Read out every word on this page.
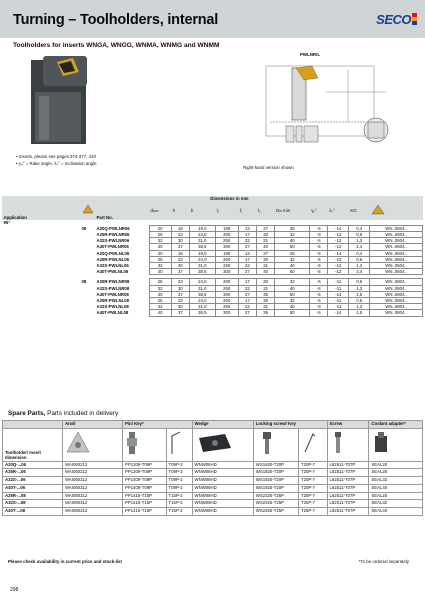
Turning – Toolholders, internal	SECO
Toolholders for inserts WNGA, WNGG, WNMA, WNMG and WNMM
PWLNR/L
• Inserts, please see pages 374-377, 410
• γ₀° = Rake angle, λₛ° = Inclination angle
Right-hand version shown
			Dimensions in mm										
Application		Part No.	dₘₘ	h	b	l₁	f₁	l₂	Dₘ min	γ₀°	λₛ°	KG	
95°													
	06	A20Q-PWLNR06	20	18	19,0	180	13	27	25	-5	-14	0,4	WN..0604..
		A25R-PWLNR06	25	23	24,0	200	17	30	32	-5	-12	0,6	WN..0604..
		A32S-PWLNR06	32	30	31,0	250	22	31	40	-5	-12	1,3	WN..0604..
		A40T-PWLNR06	40	37	38,5	300	27	40	50	-5	-12	2,4	WN..0604..
		A20Q-PWLNL06	20	18	19,0	180	13	27	25	-5	-14	0,4	WN..0604..
		A25R-PWLNL06	25	23	24,0	200	17	30	32	-5	-12	0,6	WN..0604..
		A32S-PWLNL06	32	30	31,0	250	22	31	40	-5	-12	1,3	WN..0604..
		A40T-PWLNL06	40	37	38,5	300	27	40	50	-5	-12	2,4	WN..0604..

	08	A25R-PWLNR08	25	23	24,0	200	17	30	32	-5	-11	0,6	WN..0804..
		A32S-PWLNR08	32	30	31,0	250	22	31	40	-5	-11	1,3	WN..0804..
		A40T-PWLNR08	40	37	38,5	300	27	35	50	-5	-14	2,5	WN..0804..
		A25R-PWLNL08	25	23	24,0	200	17	30	32	-5	-11	0,6	WN..0804..
		A32S-PWLNL08	32	30	31,0	250	22	31	40	-5	-11	1,3	WN..0804..
		A40T-PWLNL08	40	37	38,5	300	27	35	50	-5	-14	2,5	WN..0804..
Spare Parts, Parts included in delivery
	Anvil	Pin/ Key*		Wedge	Locking screw/ Key		Screw	Coolant adapter*
Toolholder/ Insert dimension								
A20Q-...06	WAI060212	PP1209-T09P	T09P-2	WNW06HD	WS1620-T20P	T20P-7	L82511-T07P	SEAL20
A25R-...06	WAI060212	PP1209-T09P	T09P-2	WNW06HD	WS1920-T20P	T20P-7	L82511-T07P	SEAL25
A32S-...06	WAI060312	PP1409-T09P	T09P-2	WNW06HD	WS1920-T20P	T20P-7	L82511-T07P	SEAL32
A40T-...06	WAI060312	PP1409-T09P	T09P-2	WNW06HD	WS1925-T20P	T20P-7	L82511-T07P	SEAL40
A25R-...08	WAI080312	PP1415-T15P	T15P-2	WNW08HD	WS2325-T25P	T25P-7	L82511-T07P	SEAL25
A32S-...08	WAI080312	PP1415-T15P	T15P-2	WNW08HD	WS2325-T25P	T25P-7	L82511-T07P	SEAL32
A40T-...08	WAI080312	PP1415-T15P	T15P-2	WNW08HD	WS2325-T25P	T25P-7	L82511-T07P	SEAL40
Please check availability in current price and stock-list	*To be ordered separately
298
